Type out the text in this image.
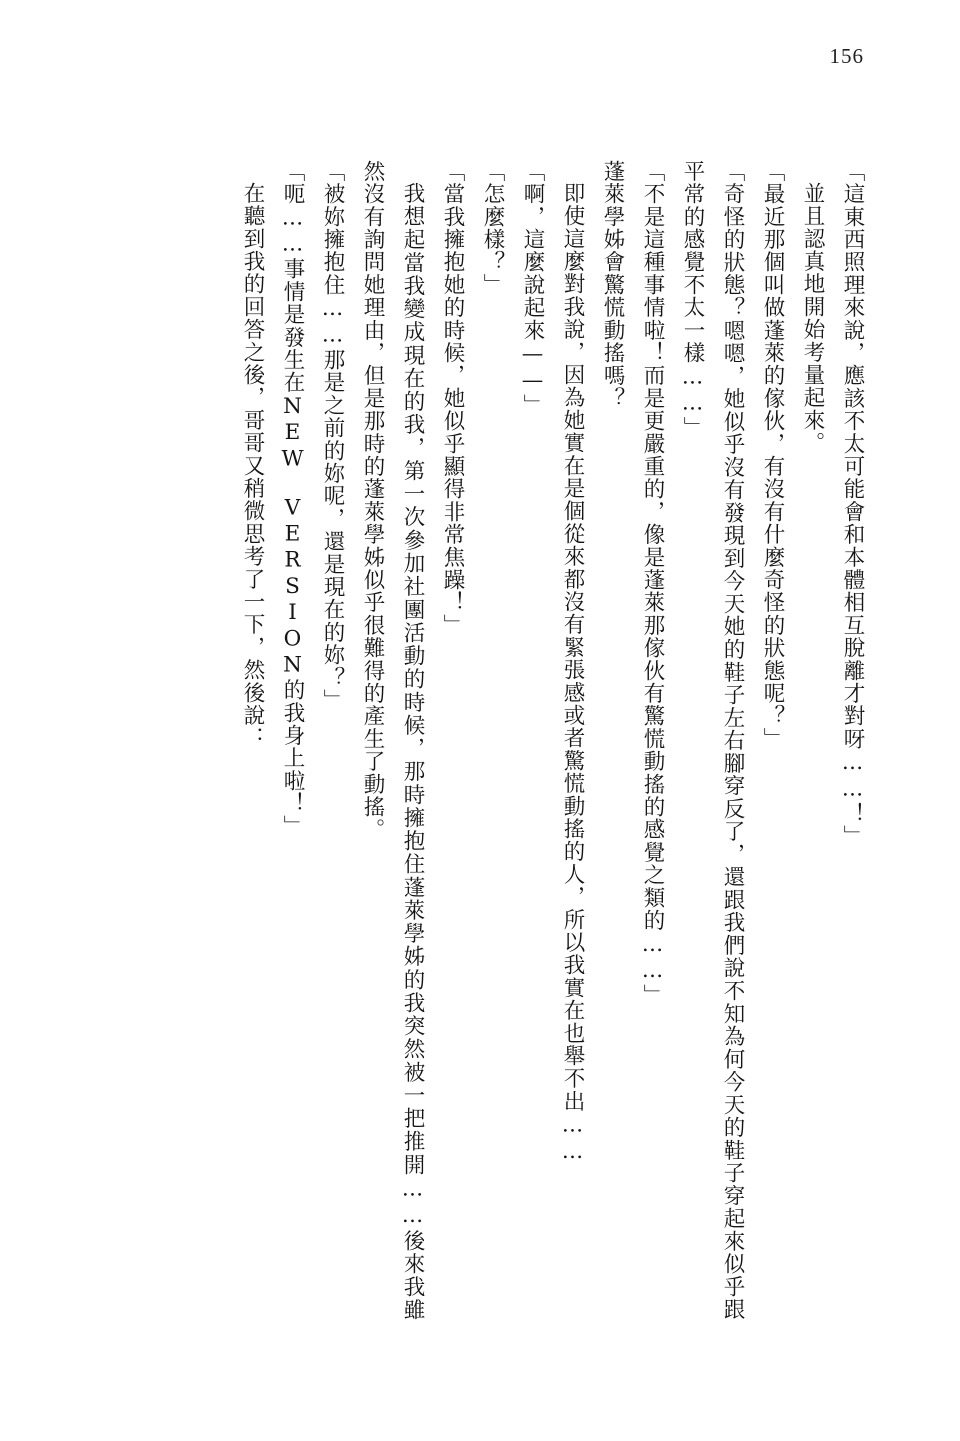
156

「這東西照理來說，應該不太可能會和本體相互脫離才對呀……！」

並且認真地開始考量起來。

「最近那個叫做蓬萊的傢伙，有沒有什麼奇怪的狀態呢？」

「奇怪的狀態？嗯嗯，她似乎沒有發現到今天她的鞋子左右腳穿反了，還跟我們說不知為何今天的鞋子穿起來似乎跟平常的感覺不太一樣……」

「不是這種事情啦！而是更嚴重的，像是蓬萊那傢伙有驚慌動搖的感覺之類的……」

蓬萊學姊會驚慌動搖嗎？

即使這麼對我說，因為她實在是個從來都沒有緊張感或者驚慌動搖的人，所以我實在也舉不出……

「啊，這麼說起來——」

「怎麼樣？」

「當我擁抱她的時候，她似乎顯得非常焦躁！」

我想起當我變成現在的我，第一次參加社團活動的時候，那時擁抱住蓬萊學姊的我突然被一把推開……後來我雖然沒有詢問她理由，但是那時的蓬萊學姊似乎很難得的產生了動搖。

「被妳擁抱住……那是之前的妳呢，還是現在的妳？」

「呃……事情是發生在NEW　VERSION的我身上啦！」

在聽到我的回答之後，哥哥又稍微思考了一下，然後說：
